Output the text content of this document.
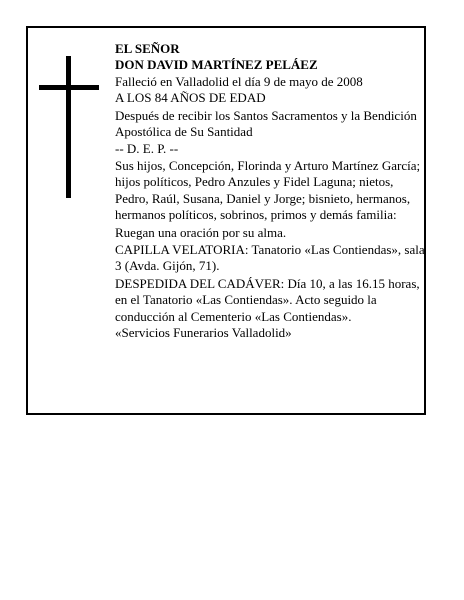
EL SEÑOR
DON DAVID MARTÍNEZ PELÁEZ
Falleció en Valladolid el día 9 de mayo de 2008
A LOS 84 AÑOS DE EDAD
Después de recibir los Santos Sacramentos y la Bendición Apostólica de Su Santidad
-- D. E. P. --
Sus hijos, Concepción, Florinda y Arturo Martínez García; hijos políticos, Pedro Anzules y Fidel Laguna; nietos, Pedro, Raúl, Susana, Daniel y Jorge; bisnieto, hermanos, hermanos políticos, sobrinos, primos y demás familia:
Ruegan una oración por su alma.
CAPILLA VELATORIA: Tanatorio «Las Contiendas», sala 3 (Avda. Gijón, 71).
DESPEDIDA DEL CADÁVER: Día 10, a las 16.15 horas, en el Tanatorio «Las Contiendas». Acto seguido la conducción al Cementerio «Las Contiendas».
«Servicios Funerarios Valladolid»
